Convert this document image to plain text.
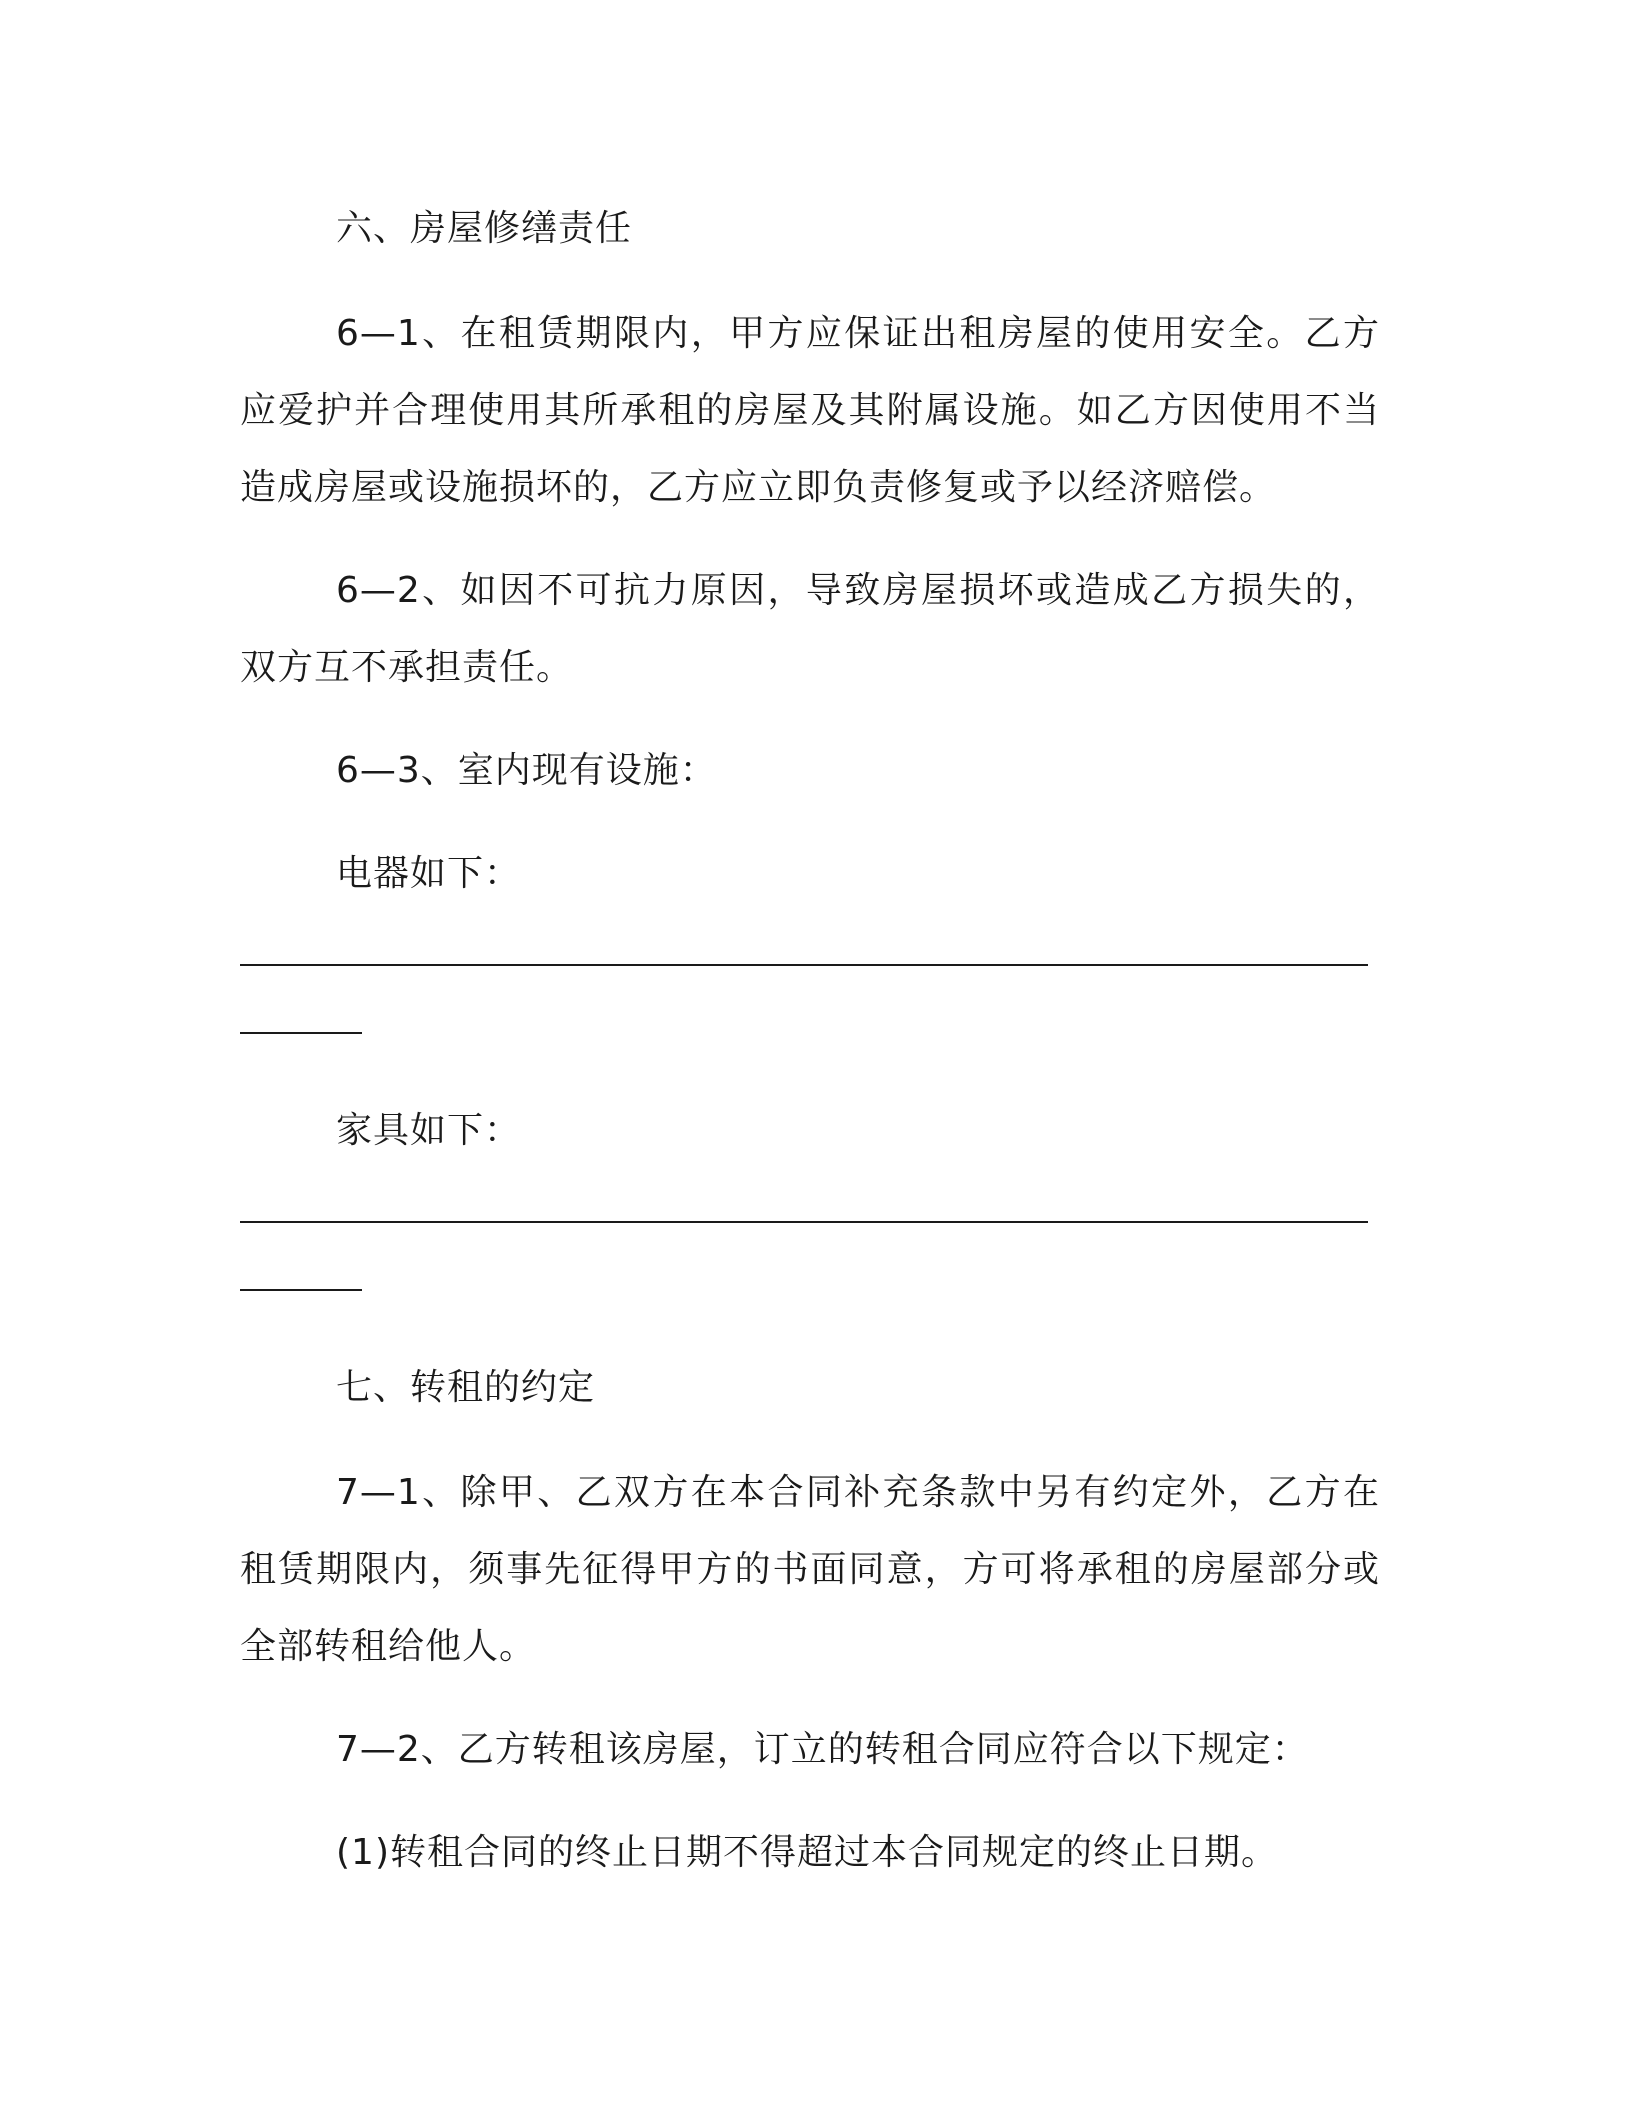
六、房屋修缮责任

6—1、在租赁期限内，甲方应保证出租房屋的使用安全。乙方应爱护并合理使用其所承租的房屋及其附属设施。如乙方因使用不当造成房屋或设施损坏的，乙方应立即负责修复或予以经济赔偿。

6—2、如因不可抗力原因，导致房屋损坏或造成乙方损失的，双方互不承担责任。

6—3、室内现有设施：

电器如下：

家具如下：

七、转租的约定

7—1、除甲、乙双方在本合同补充条款中另有约定外，乙方在租赁期限内，须事先征得甲方的书面同意，方可将承租的房屋部分或全部转租给他人。

7—2、乙方转租该房屋，订立的转租合同应符合以下规定：

(1)转租合同的终止日期不得超过本合同规定的终止日期。
